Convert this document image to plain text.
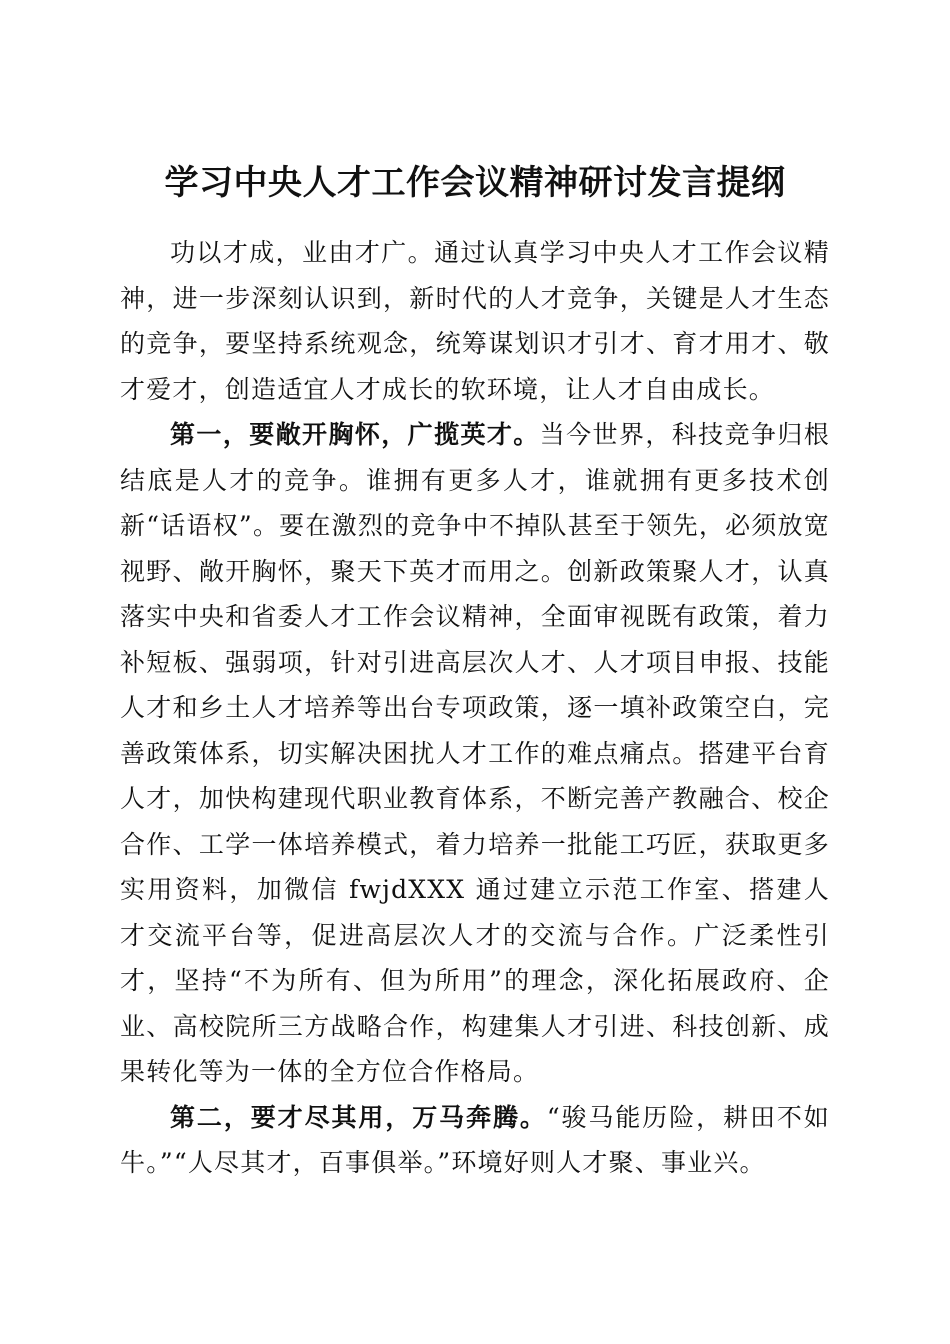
学习中央人才工作会议精神研讨发言提纲

功以才成，业由才广。通过认真学习中央人才工作会议精神，进一步深刻认识到，新时代的人才竞争，关键是人才生态的竞争，要坚持系统观念，统筹谋划识才引才、育才用才、敬才爱才，创造适宜人才成长的软环境，让人才自由成长。

第一，要敞开胸怀，广揽英才。当今世界，科技竞争归根结底是人才的竞争。谁拥有更多人才，谁就拥有更多技术创新“话语权”。要在激烈的竞争中不掉队甚至于领先，必须放宽视野、敞开胸怀，聚天下英才而用之。创新政策聚人才，认真落实中央和省委人才工作会议精神，全面审视既有政策，着力补短板、强弱项，针对引进高层次人才、人才项目申报、技能人才和乡土人才培养等出台专项政策，逐一填补政策空白，完善政策体系，切实解决困扰人才工作的难点痛点。搭建平台育人才，加快构建现代职业教育体系，不断完善产教融合、校企合作、工学一体培养模式，着力培养一批能工巧匠，获取更多实用资料，加微信 fwjdXXX 通过建立示范工作室、搭建人才交流平台等，促进高层次人才的交流与合作。广泛柔性引才，坚持“不为所有、但为所用”的理念，深化拓展政府、企业、高校院所三方战略合作，构建集人才引进、科技创新、成果转化等为一体的全方位合作格局。

第二，要才尽其用，万马奔腾。“骏马能历险，耕田不如牛。”“人尽其才，百事俱举。”环境好则人才聚、事业兴。
